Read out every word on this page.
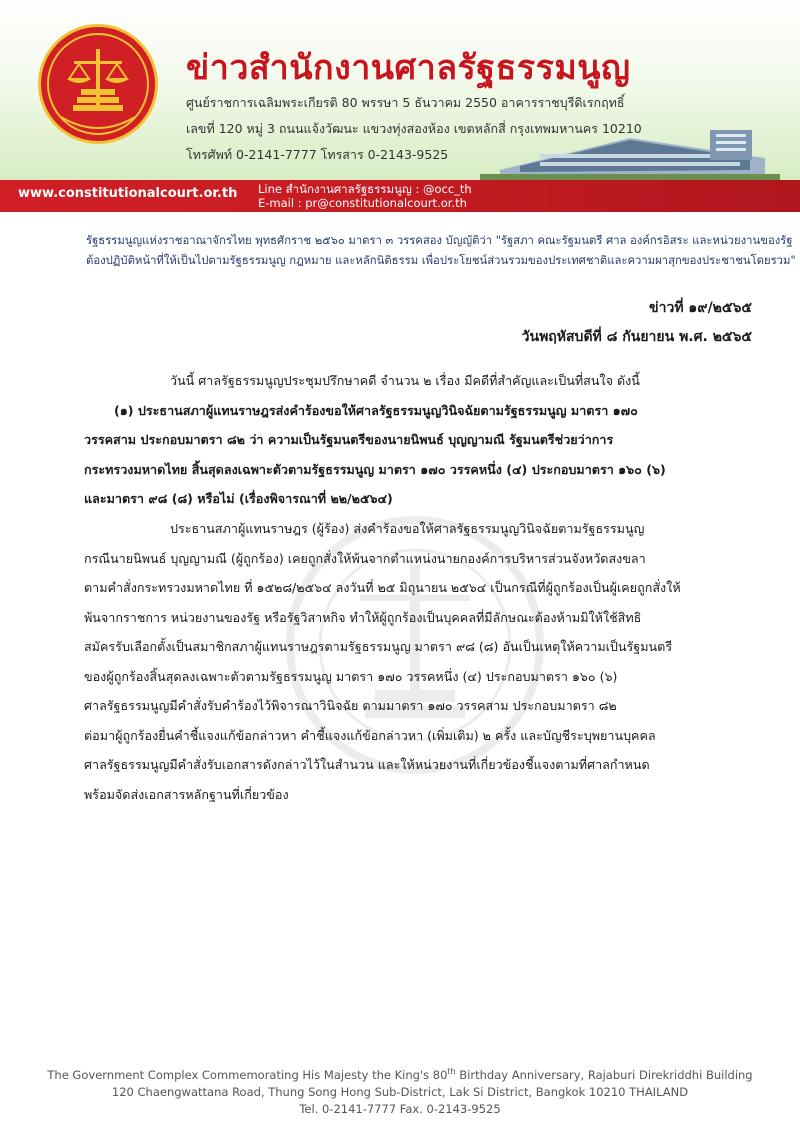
ข่าวสำนักงานศาลรัฐธรรมนูญ
ศูนย์ราชการเฉลิมพระเกียรติ 80 พรรษา 5 ธันวาคม 2550 อาคารราชบุรีดิเรกฤทธิ์
เลขที่ 120 หมู่ 3 ถนนแจ้งวัฒนะ แขวงทุ่งสองห้อง เขตหลักสี่ กรุงเทพมหานคร 10210
โทรศัพท์ 0-2141-7777 โทรสาร 0-2143-9525
www.constitutionalcourt.or.th Line สำนักงานศาลรัฐธรรมนูญ : @occ_th
E-mail : pr@constitutionalcourt.or.th
รัฐธรรมนูญแห่งราชอาณาจักรไทย พุทธศักราช ๒๕๖๐ มาตรา ๓ วรรคสอง บัญญัติว่า "รัฐสภา คณะรัฐมนตรี ศาล องค์กรอิสระ และหน่วยงานของรัฐ
ต้องปฏิบัติหน้าที่ให้เป็นไปตามรัฐธรรมนูญ กฎหมาย และหลักนิติธรรม เพื่อประโยชน์ส่วนรวมของประเทศชาติและความผาสุกของประชาชนโดยรวม"
ข่าวที่ ๑๙/๒๕๖๕
วันพฤหัสบดีที่ ๘ กันยายน พ.ศ. ๒๕๖๕
วันนี้ ศาลรัฐธรรมนูญประชุมปรึกษาคดี จำนวน ๒ เรื่อง มีคดีที่สำคัญและเป็นที่สนใจ ดังนี้
(๑) ประธานสภาผู้แทนราษฎรส่งคำร้องขอให้ศาลรัฐธรรมนูญวินิจฉัยตามรัฐธรรมนูญ มาตรา ๑๗๐
วรรคสาม ประกอบมาตรา ๘๒ ว่า ความเป็นรัฐมนตรีของนายนิพนธ์ บุญญามณี รัฐมนตรีช่วยว่าการ
กระทรวงมหาดไทย สิ้นสุดลงเฉพาะตัวตามรัฐธรรมนูญ มาตรา ๑๗๐ วรรคหนึ่ง (๔) ประกอบมาตรา ๑๖๐ (๖)
และมาตรา ๙๘ (๘) หรือไม่ (เรื่องพิจารณาที่ ๒๒/๒๕๖๔)
ประธานสภาผู้แทนราษฎร (ผู้ร้อง) ส่งคำร้องขอให้ศาลรัฐธรรมนูญวินิจฉัยตามรัฐธรรมนูญ
กรณีนายนิพนธ์ บุญญามณี (ผู้ถูกร้อง) เคยถูกสั่งให้พ้นจากตำแหน่งนายกองค์การบริหารส่วนจังหวัดสงขลา
ตามคำสั่งกระทรวงมหาดไทย ที่ ๑๕๒๘/๒๕๖๔ ลงวันที่ ๒๕ มิถุนายน ๒๕๖๔ เป็นกรณีที่ผู้ถูกร้องเป็นผู้เคยถูกสั่งให้
พ้นจากราชการ หน่วยงานของรัฐ หรือรัฐวิสาหกิจ ทำให้ผู้ถูกร้องเป็นบุคคลที่มีลักษณะต้องห้ามมิให้ใช้สิทธิ
สมัครรับเลือกตั้งเป็นสมาชิกสภาผู้แทนราษฎรตามรัฐธรรมนูญ มาตรา ๙๘ (๘) อันเป็นเหตุให้ความเป็นรัฐมนตรี
ของผู้ถูกร้องสิ้นสุดลงเฉพาะตัวตามรัฐธรรมนูญ มาตรา ๑๗๐ วรรคหนึ่ง (๔) ประกอบมาตรา ๑๖๐ (๖)
ศาลรัฐธรรมนูญมีคำสั่งรับคำร้องไว้พิจารณาวินิจฉัย ตามมาตรา ๑๗๐ วรรคสาม ประกอบมาตรา ๘๒
ต่อมาผู้ถูกร้องยื่นคำชี้แจงแก้ข้อกล่าวหา คำชี้แจงแก้ข้อกล่าวหา (เพิ่มเติม) ๒ ครั้ง และบัญชีระบุพยานบุคคล
ศาลรัฐธรรมนูญมีคำสั่งรับเอกสารดังกล่าวไว้ในสำนวน และให้หน่วยงานที่เกี่ยวข้องชี้แจงตามที่ศาลกำหนด
พร้อมจัดส่งเอกสารหลักฐานที่เกี่ยวข้อง
The Government Complex Commemorating His Majesty the King's 80th Birthday Anniversary, Rajaburi Direkriddhi Building
120 Chaengwattana Road, Thung Song Hong Sub-District, Lak Si District, Bangkok 10210 THAILAND
Tel. 0-2141-7777 Fax. 0-2143-9525
